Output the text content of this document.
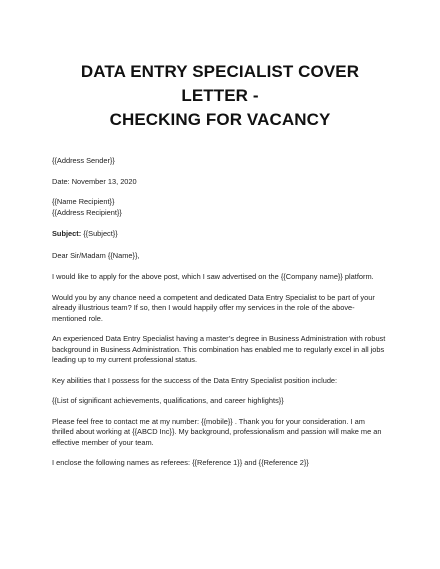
DATA ENTRY SPECIALIST COVER LETTER -
CHECKING FOR VACANCY

{{Address Sender}}

Date: November 13, 2020

{{Name Recipient}}

{{Address Recipient}}

Subject: {{Subject}}

Dear Sir/Madam {{Name}},

I would like to apply for the above post, which I saw advertised on the {{Company name}} platform.

Would you by any chance need a competent and dedicated Data Entry Specialist to be part of your already illustrious team? If so, then I would happily offer my services in the role of the above-mentioned role.

An experienced Data Entry Specialist having a master’s degree in Business Administration with robust background in Business Administration. This combination has enabled me to regularly excel in all jobs leading up to my current professional status.

Key abilities that I possess for the success of the Data Entry Specialist position include:

{{List of significant achievements, qualifications, and career highlights}}

Please feel free to contact me at my number: {{mobile}} . Thank you for your consideration. I am thrilled about working at {{ABCD Inc}}. My background, professionalism and passion will make me an effective member of your team.

I enclose the following names as referees: {{Reference 1}} and {{Reference 2}}
